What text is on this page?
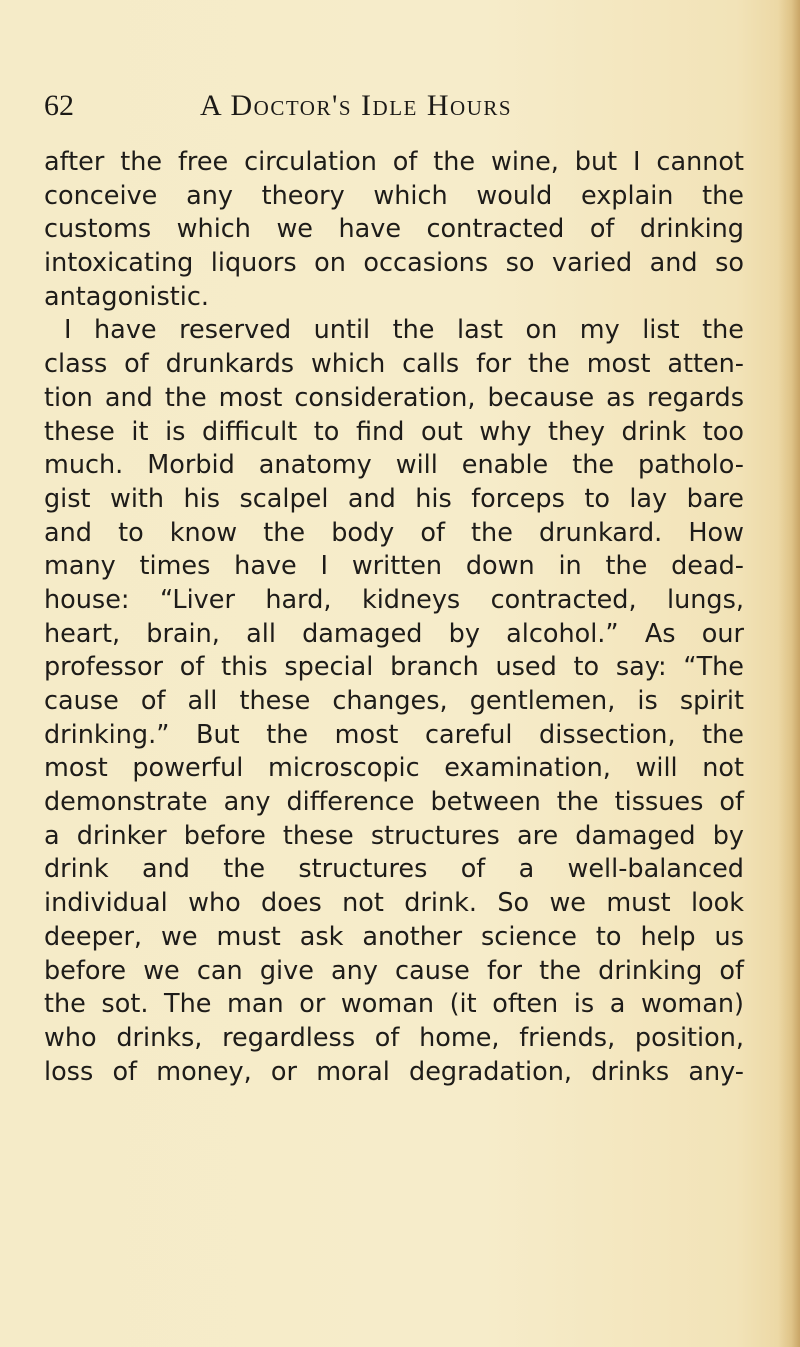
62	A Doctor's Idle Hours
after the free circulation of the wine, but I cannot
conceive any theory which would explain the
customs which we have contracted of drinking
intoxicating liquors on occasions so varied and so
antagonistic.
I have reserved until the last on my list the
class of drunkards which calls for the most atten-
tion and the most consideration, because as regards
these it is difficult to find out why they drink too
much. Morbid anatomy will enable the patholo-
gist with his scalpel and his forceps to lay bare
and to know the body of the drunkard. How
many times have I written down in the dead-
house: “Liver hard, kidneys contracted, lungs,
heart, brain, all damaged by alcohol.” As our
professor of this special branch used to say: “The
cause of all these changes, gentlemen, is spirit
drinking.” But the most careful dissection, the
most powerful microscopic examination, will not
demonstrate any difference between the tissues of
a drinker before these structures are damaged by
drink and the structures of a well-balanced
individual who does not drink. So we must look
deeper, we must ask another science to help us
before we can give any cause for the drinking of
the sot. The man or woman (it often is a woman)
who drinks, regardless of home, friends, position,
loss of money, or moral degradation, drinks any-
